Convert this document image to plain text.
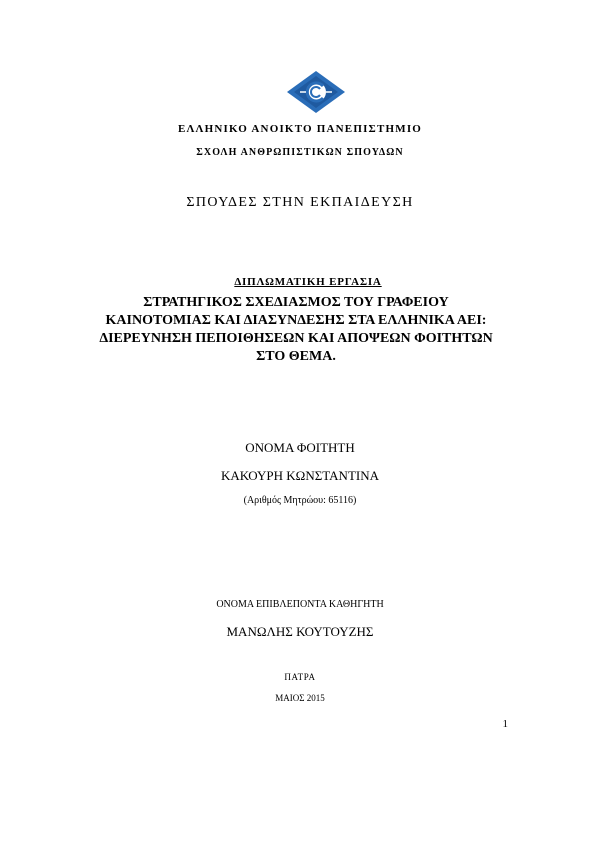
ΕΛΛΗΝΙΚΟ ΑΝΟΙΚΤΟ ΠΑΝΕΠΙΣΤΗΜΙΟ
ΣΧΟΛΗ ΑΝΘΡΩΠΙΣΤΙΚΩΝ ΣΠΟΥΔΩΝ
ΣΠΟΥΔΕΣ ΣΤΗΝ ΕΚΠΑΙΔΕΥΣΗ
ΔΙΠΛΩΜΑΤΙΚΗ ΕΡΓΑΣΙΑ
ΣΤΡΑΤΗΓΙΚΟΣ ΣΧΕΔΙΑΣΜΟΣ ΤΟΥ ΓΡΑΦΕΙΟΥ
ΚΑΙΝΟΤΟΜΙΑΣ ΚΑΙ ΔΙΑΣΥΝΔΕΣΗΣ ΣΤΑ ΕΛΛΗΝΙΚΑ ΑΕΙ:
ΔΙΕΡΕΥΝΗΣΗ ΠΕΠΟΙΘΗΣΕΩΝ ΚΑΙ ΑΠΟΨΕΩΝ ΦΟΙΤΗΤΩΝ
ΣΤΟ ΘΕΜΑ.
ΟΝΟΜΑ ΦΟΙΤΗΤΗ
ΚΑΚΟΥΡΗ ΚΩΝΣΤΑΝΤΙΝΑ
(Αριθμός Μητρώου: 65116)
ΟΝΟΜΑ ΕΠΙΒΛΕΠΟΝΤΑ ΚΑΘΗΓΗΤΗ
ΜΑΝΩΛΗΣ ΚΟΥΤΟΥΖΗΣ
ΠΑΤΡΑ
ΜΑΙΟΣ 2015
1
